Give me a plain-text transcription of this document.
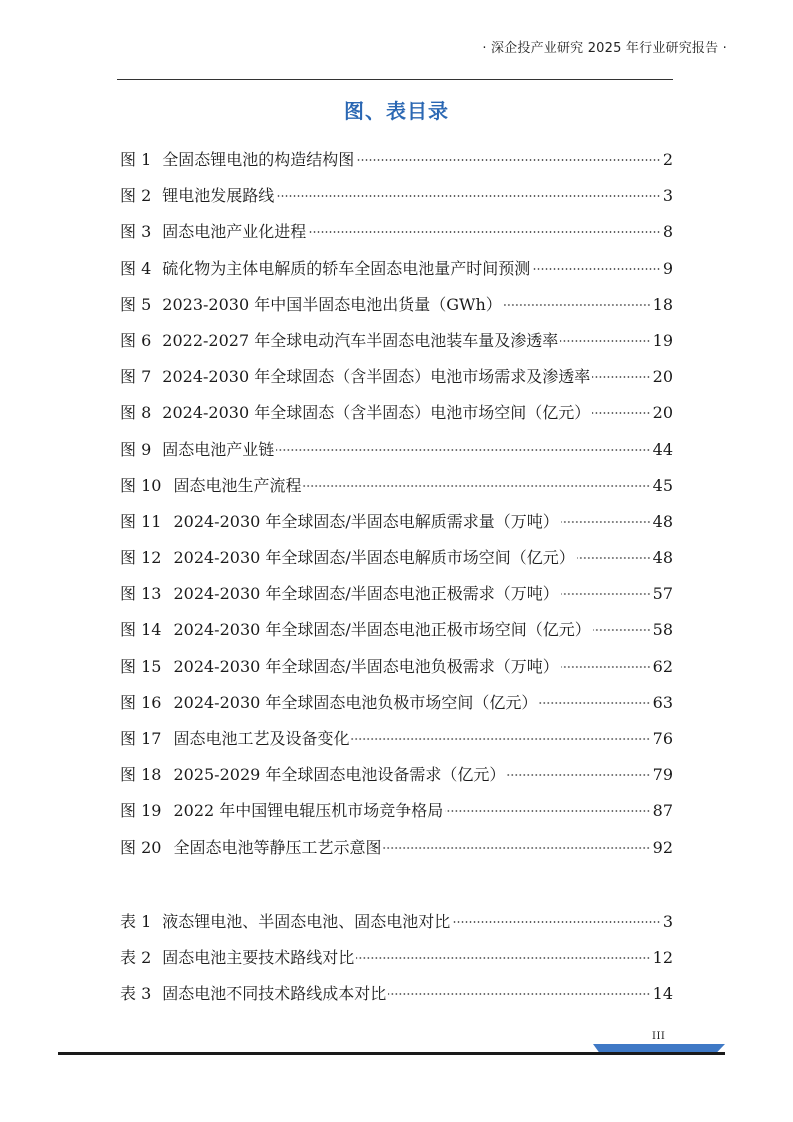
· 深企投产业研究 2025 年行业研究报告 ·
图、表目录
图 1 全固态锂电池的构造结构图	2
图 2 锂电池发展路线	3
图 3 固态电池产业化进程	8
图 4 硫化物为主体电解质的轿车全固态电池量产时间预测	9
图 5 2023-2030 年中国半固态电池出货量（GWh）	18
图 6 2022-2027 年全球电动汽车半固态电池装车量及渗透率	19
图 7 2024-2030 年全球固态（含半固态）电池市场需求及渗透率	20
图 8 2024-2030 年全球固态（含半固态）电池市场空间（亿元）	20
图 9 固态电池产业链	44
图 10 固态电池生产流程	45
图 11 2024-2030 年全球固态/半固态电解质需求量（万吨）	48
图 12 2024-2030 年全球固态/半固态电解质市场空间（亿元）	48
图 13 2024-2030 年全球固态/半固态电池正极需求（万吨）	57
图 14 2024-2030 年全球固态/半固态电池正极市场空间（亿元）	58
图 15 2024-2030 年全球固态/半固态电池负极需求（万吨）	62
图 16 2024-2030 年全球固态电池负极市场空间（亿元）	63
图 17 固态电池工艺及设备变化	76
图 18 2025-2029 年全球固态电池设备需求（亿元）	79
图 19 2022 年中国锂电辊压机市场竞争格局	87
图 20 全固态电池等静压工艺示意图	92
表 1 液态锂电池、半固态电池、固态电池对比	3
表 2 固态电池主要技术路线对比	12
表 3 固态电池不同技术路线成本对比	14
III
